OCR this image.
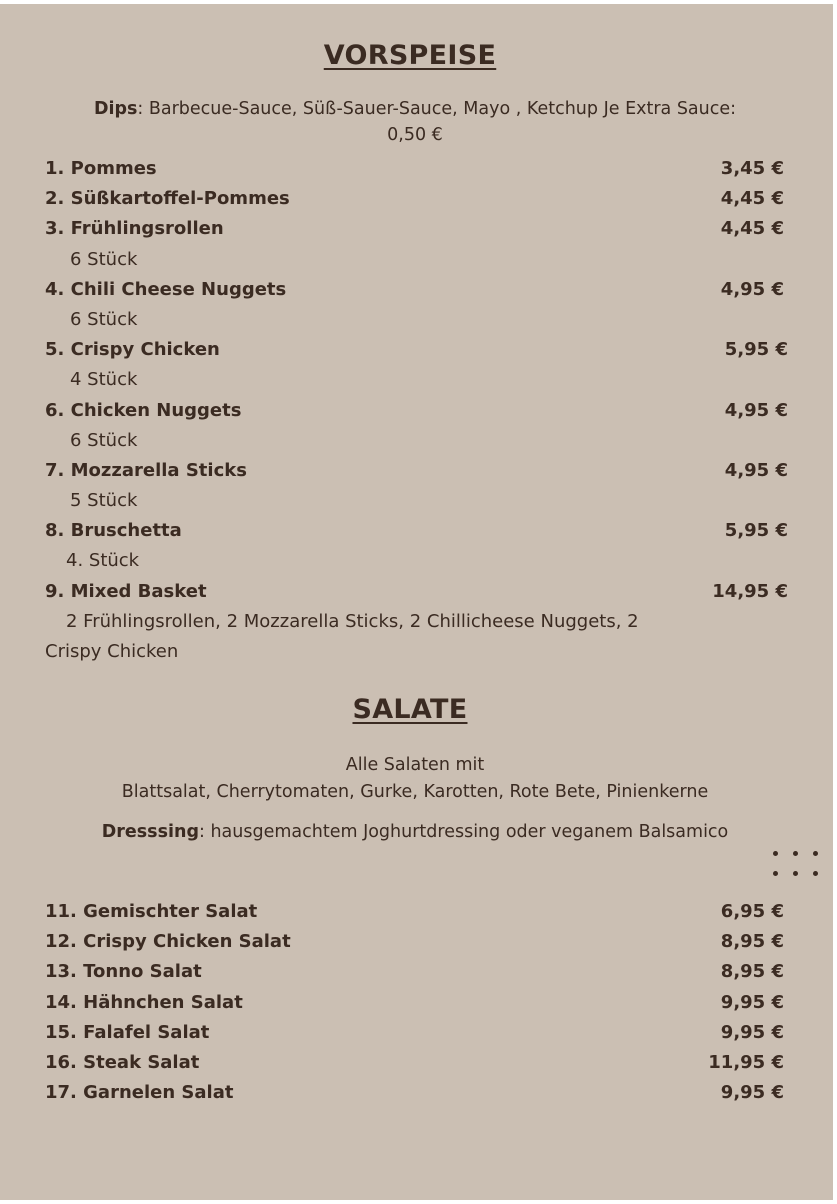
VORSPEISE
Dips: Barbecue-Sauce, Süß-Sauer-Sauce, Mayo , Ketchup Je Extra Sauce:
0,50 €
1. Pommes	3,45 €
2. Süßkartoffel-Pommes	4,45 €
3. Frühlingsrollen	4,45 €
6 Stück
4. Chili Cheese Nuggets	4,95 €
6 Stück
5. Crispy Chicken	5,95 €
4 Stück
6. Chicken Nuggets	4,95 €
6 Stück
7. Mozzarella Sticks	4,95 €
5 Stück
8. Bruschetta	5,95 €
4. Stück
9. Mixed Basket	14,95 €
2 Frühlingsrollen, 2 Mozzarella Sticks, 2 Chillicheese Nuggets, 2 Crispy Chicken
SALATE
Alle Salaten mit
Blattsalat, Cherrytomaten, Gurke, Karotten, Rote Bete, Pinienkerne
Dresssing: hausgemachtem Joghurtdressing oder veganem Balsamico
11. Gemischter Salat	6,95 €
12. Crispy Chicken Salat	8,95 €
13. Tonno Salat	8,95 €
14. Hähnchen Salat	9,95 €
15. Falafel Salat	9,95 €
16. Steak Salat	11,95 €
17. Garnelen Salat	9,95 €
